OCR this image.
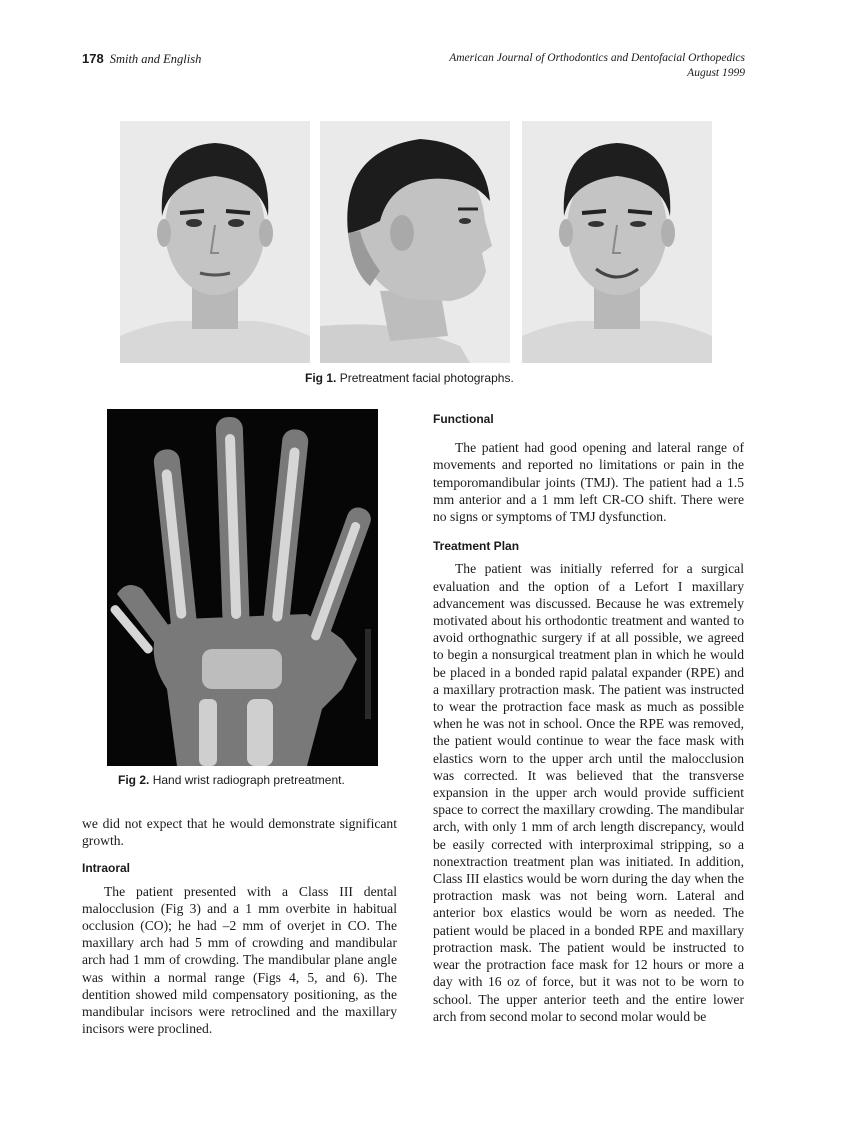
178 Smith and English	American Journal of Orthodontics and Dentofacial Orthopedics
August 1999
Fig 1. Pretreatment facial photographs.
Fig 2. Hand wrist radiograph pretreatment.

we did not expect that he would demonstrate significant growth.

Intraoral

The patient presented with a Class III dental malocclusion (Fig 3) and a 1 mm overbite in habitual occlusion (CO); he had –2 mm of overjet in CO. The maxillary arch had 5 mm of crowding and mandibular arch had 1 mm of crowding. The mandibular plane angle was within a normal range (Figs 4, 5, and 6). The dentition showed mild compensatory positioning, as the mandibular incisors were retroclined and the maxillary incisors were proclined.

Functional

The patient had good opening and lateral range of movements and reported no limitations or pain in the temporomandibular joints (TMJ). The patient had a 1.5 mm anterior and a 1 mm left CR-CO shift. There were no signs or symptoms of TMJ dysfunction.

Treatment Plan

The patient was initially referred for a surgical evaluation and the option of a Lefort I maxillary advancement was discussed. Because he was extremely motivated about his orthodontic treatment and wanted to avoid orthognathic surgery if at all possible, we agreed to begin a nonsurgical treatment plan in which he would be placed in a bonded rapid palatal expander (RPE) and a maxillary protraction mask. The patient was instructed to wear the protraction face mask as much as possible when he was not in school. Once the RPE was removed, the patient would continue to wear the face mask with elastics worn to the upper arch until the malocclusion was corrected. It was believed that the transverse expansion in the upper arch would provide sufficient space to correct the maxillary crowding. The mandibular arch, with only 1 mm of arch length discrepancy, would be easily corrected with interproximal stripping, so a nonextraction treatment plan was initiated. In addition, Class III elastics would be worn during the day when the protraction mask was not being worn. Lateral and anterior box elastics would be worn as needed. The patient would be placed in a bonded RPE and maxillary protraction mask. The patient would be instructed to wear the protraction face mask for 12 hours or more a day with 16 oz of force, but it was not to be worn to school. The upper anterior teeth and the entire lower arch from second molar to second molar would be
